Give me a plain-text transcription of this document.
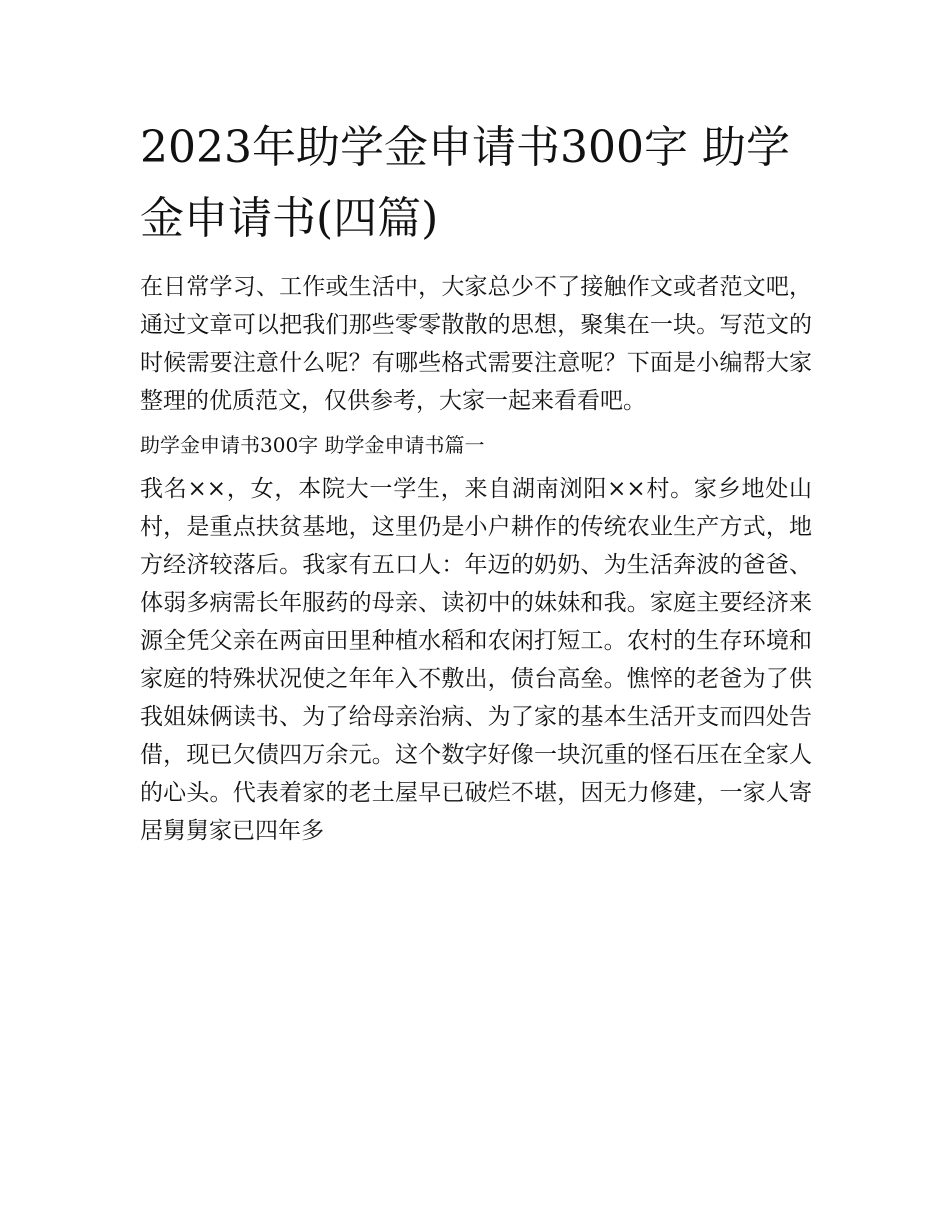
2023年助学金申请书300字 助学金申请书(四篇)

在日常学习、工作或生活中，大家总少不了接触作文或者范文吧，通过文章可以把我们那些零零散散的思想，聚集在一块。写范文的时候需要注意什么呢？有哪些格式需要注意呢？下面是小编帮大家整理的优质范文，仅供参考，大家一起来看看吧。

助学金申请书300字 助学金申请书篇一

我名××，女，本院大一学生，来自湖南浏阳××村。家乡地处山村，是重点扶贫基地，这里仍是小户耕作的传统农业生产方式，地方经济较落后。我家有五口人：年迈的奶奶、为生活奔波的爸爸、体弱多病需长年服药的母亲、读初中的妹妹和我。家庭主要经济来源全凭父亲在两亩田里种植水稻和农闲打短工。农村的生存环境和家庭的特殊状况使之年年入不敷出，债台高垒。憔悴的老爸为了供我姐妹俩读书、为了给母亲治病、为了家的基本生活开支而四处告借，现已欠债四万余元。这个数字好像一块沉重的怪石压在全家人的心头。代表着家的老土屋早已破烂不堪，因无力修建，一家人寄居舅舅家已四年多
